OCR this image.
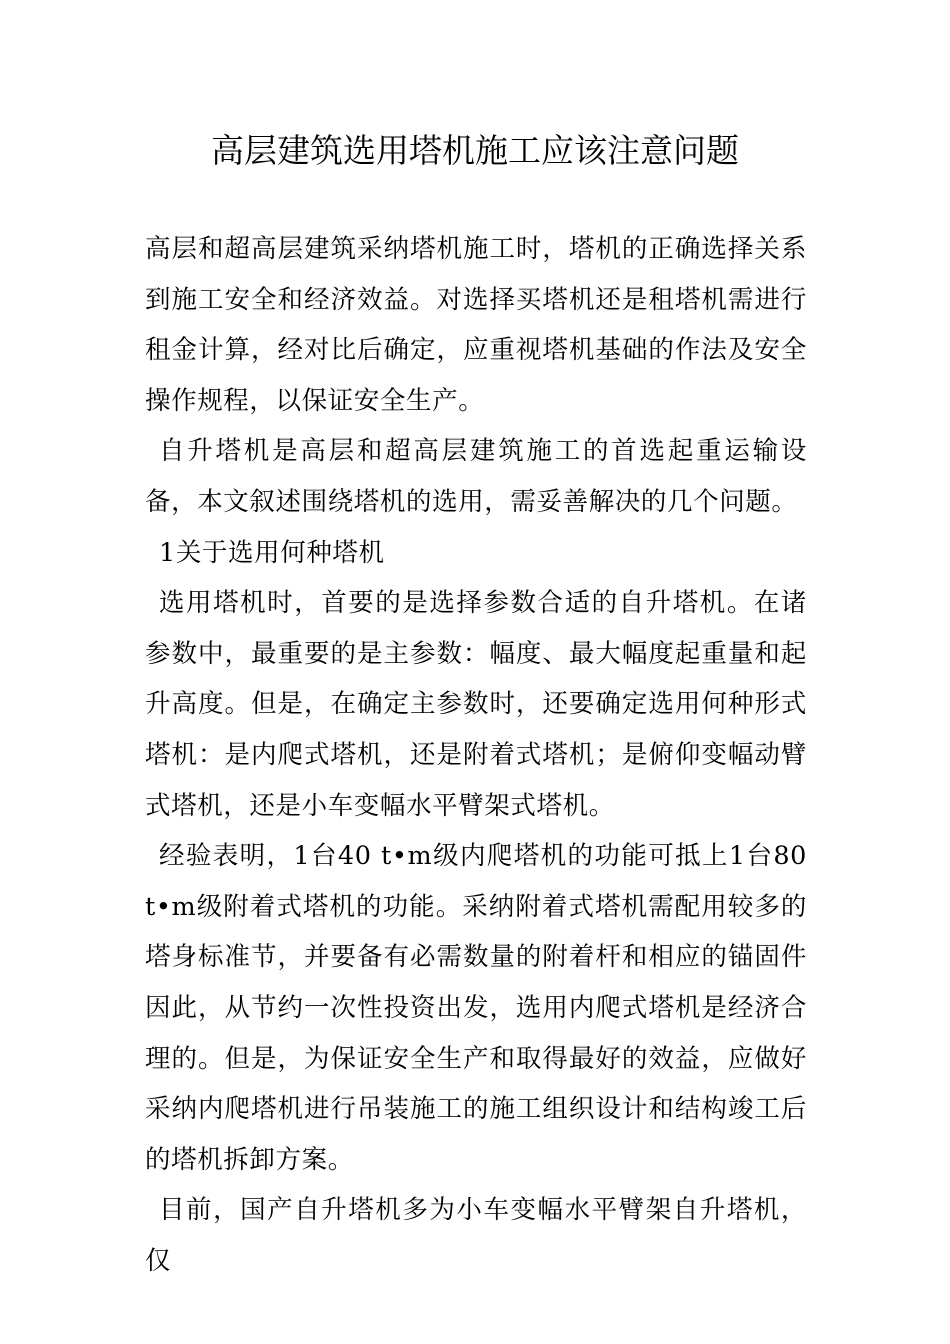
高层建筑选用塔机施工应该注意问题

高层和超高层建筑采纳塔机施工时，塔机的正确选择关系到施工安全和经济效益。对选择买塔机还是租塔机需进行租金计算，经对比后确定，应重视塔机基础的作法及安全操作规程，以保证安全生产。

自升塔机是高层和超高层建筑施工的首选起重运输设备，本文叙述围绕塔机的选用，需妥善解决的几个问题。

1关于选用何种塔机

选用塔机时，首要的是选择参数合适的自升塔机。在诸参数中，最重要的是主参数：幅度、最大幅度起重量和起升高度。但是，在确定主参数时，还要确定选用何种形式塔机：是内爬式塔机，还是附着式塔机；是俯仰变幅动臂式塔机，还是小车变幅水平臂架式塔机。

经验表明，1台40 t•m级内爬塔机的功能可抵上1台80 t•m级附着式塔机的功能。采纳附着式塔机需配用较多的塔身标准节，并要备有必需数量的附着杆和相应的锚固件因此，从节约一次性投资出发，选用内爬式塔机是经济合理的。但是，为保证安全生产和取得最好的效益，应做好采纳内爬塔机进行吊装施工的施工组织设计和结构竣工后的塔机拆卸方案。

目前，国产自升塔机多为小车变幅水平臂架自升塔机，仅
